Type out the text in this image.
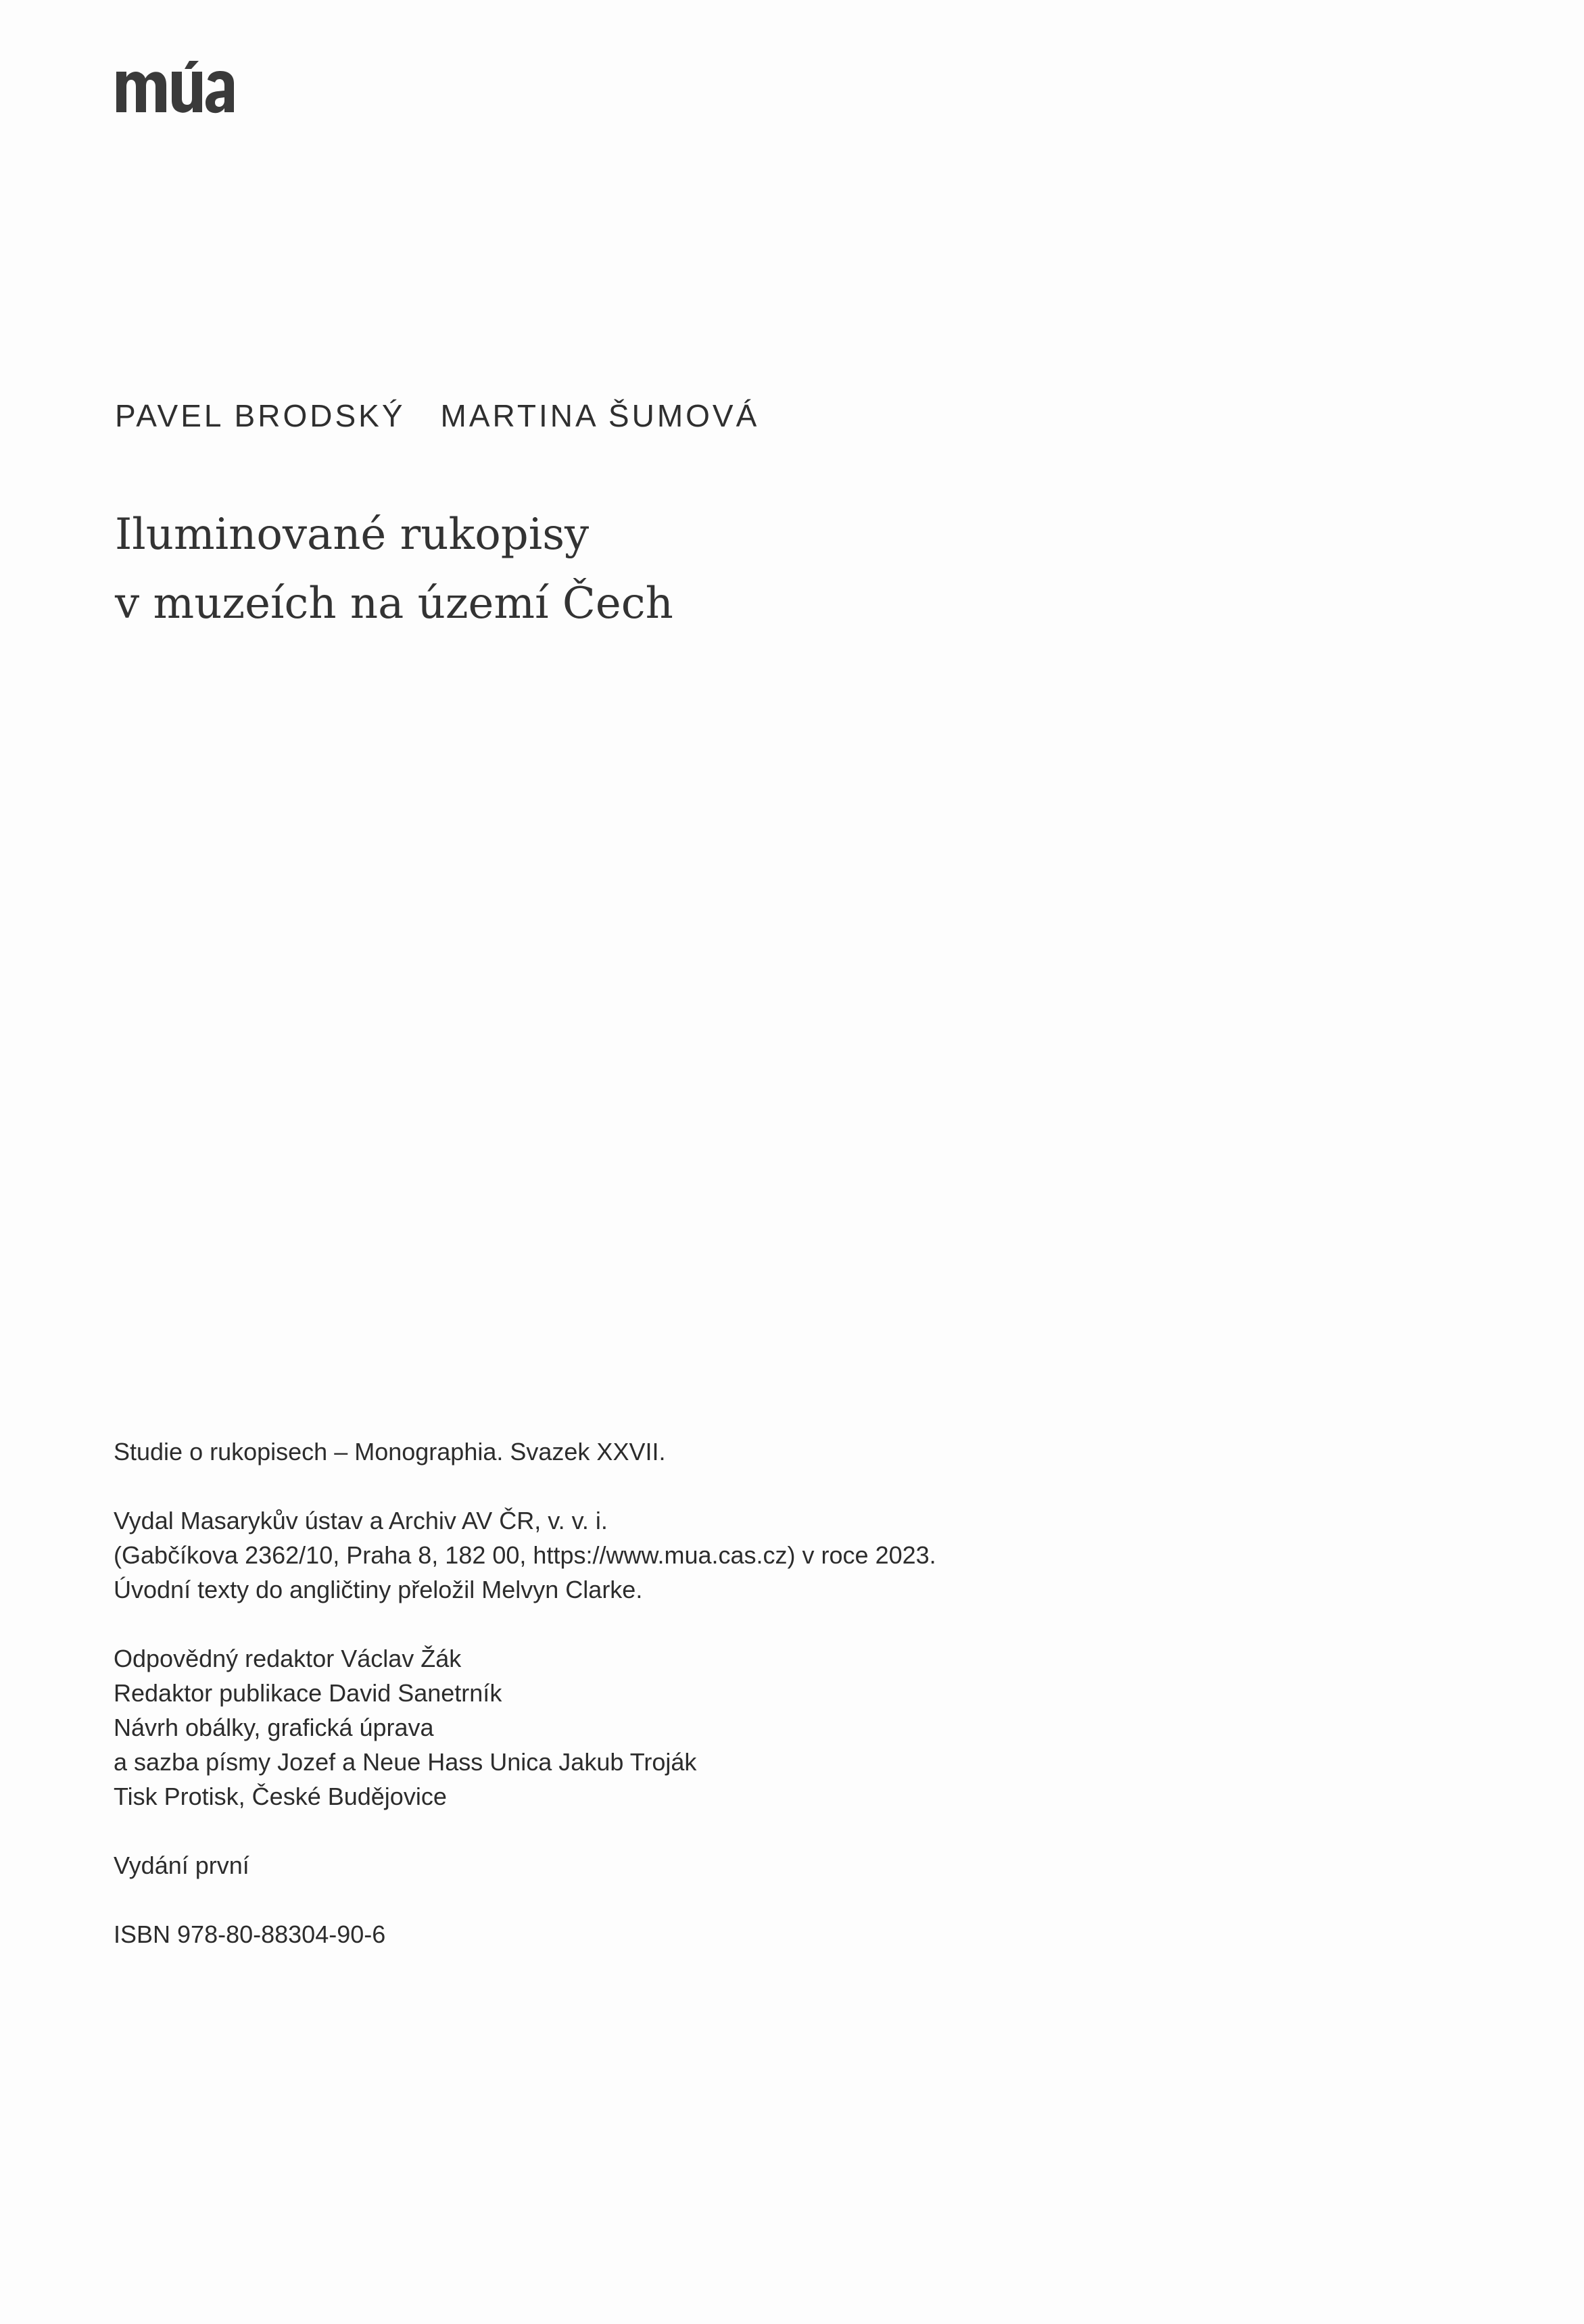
PAVEL BRODSKÝ MARTINA ŠUMOVÁ
Iluminované rukopisy
v muzeích na území Čech
Studie o rukopisech – Monographia. Svazek XXVII.
Vydal Masarykův ústav a Archiv AV ČR, v. v. i.
(Gabčíkova 2362/10, Praha 8, 182 00, https://www.mua.cas.cz) v roce 2023.
Úvodní texty do angličtiny přeložil Melvyn Clarke.
Odpovědný redaktor Václav Žák
Redaktor publikace David Sanetrník
Návrh obálky, grafická úprava
a sazba písmy Jozef a Neue Hass Unica Jakub Troják
Tisk Protisk, České Budějovice
Vydání první
ISBN 978-80-88304-90-6
